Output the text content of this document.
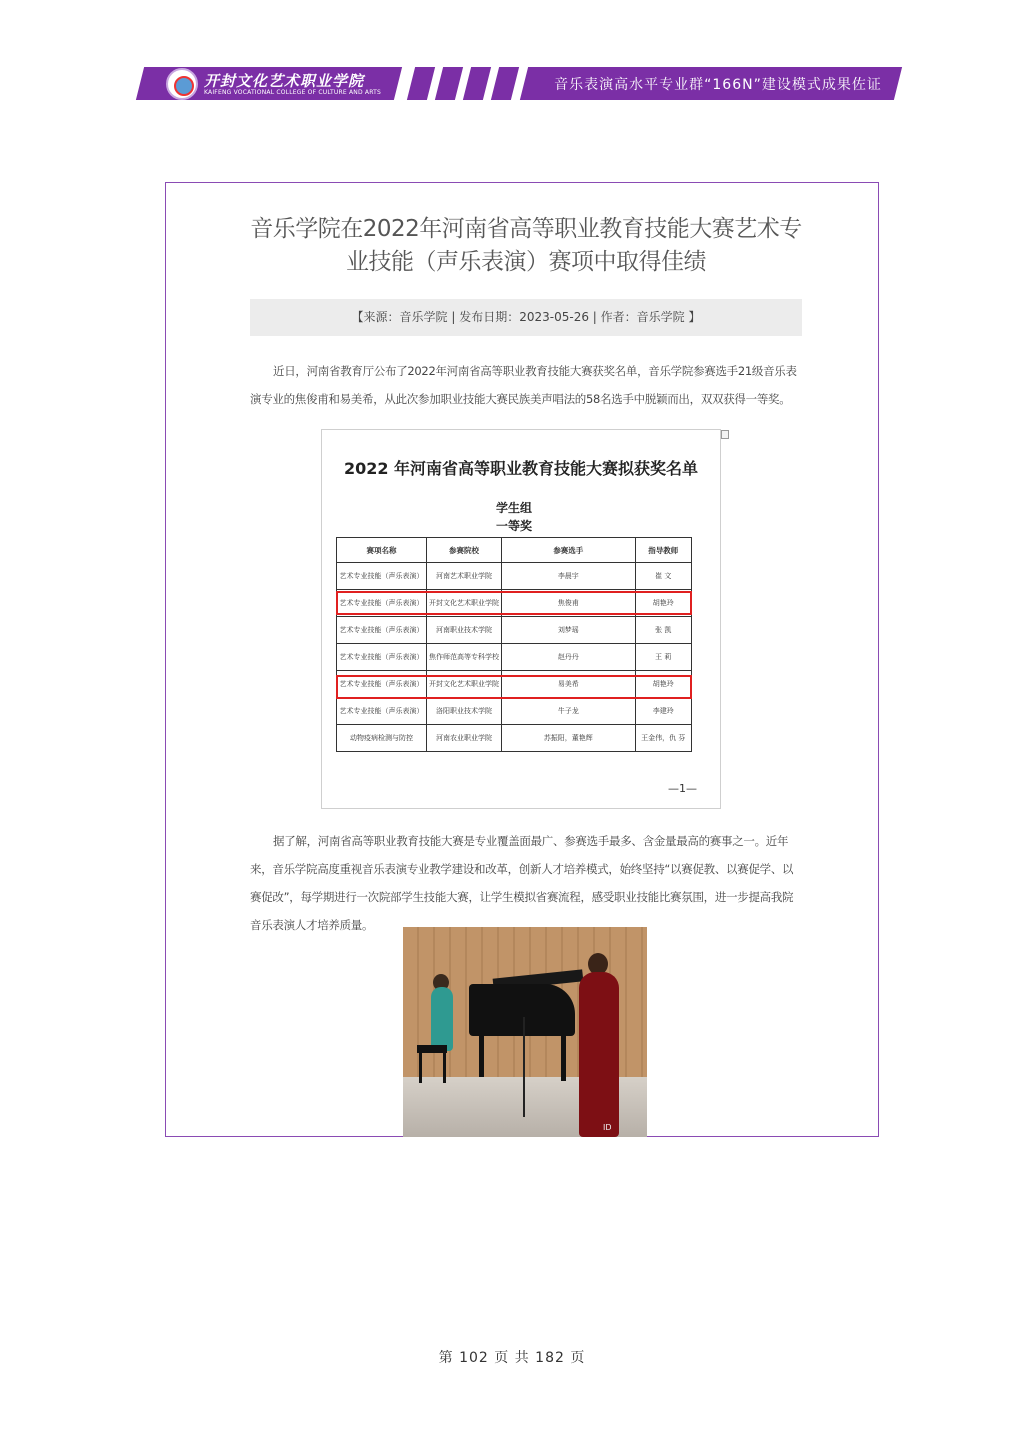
开封文化艺术职业学院
KAIFENG VOCATIONAL COLLEGE OF CULTURE AND ARTS	音乐表演高水平专业群“166N”建设模式成果佐证
音乐学院在2022年河南省高等职业教育技能大赛艺术专业技能（声乐表演）赛项中取得佳绩
【来源：音乐学院 | 发布日期：2023-05-26 | 作者：音乐学院 】
近日，河南省教育厅公布了2022年河南省高等职业教育技能大赛获奖名单，音乐学院参赛选手21级音乐表演专业的焦俊甫和易美希，从此次参加职业技能大赛民族美声唱法的58名选手中脱颖而出，双双获得一等奖。
2022 年河南省高等职业教育技能大赛拟获奖名单
学生组
一等奖
赛项名称	参赛院校	参赛选手	指导教师
艺术专业技能（声乐表演）	河南艺术职业学院	李晨宇	崔 文
艺术专业技能（声乐表演）	开封文化艺术职业学院	焦俊甫	胡艳玲
艺术专业技能（声乐表演）	河南职业技术学院	刘梦瑶	张 凯
艺术专业技能（声乐表演）	焦作师范高等专科学校	赵丹丹	王 莉
艺术专业技能（声乐表演）	开封文化艺术职业学院	易美希	胡艳玲
艺术专业技能（声乐表演）	洛阳职业技术学院	牛子龙	李建玲
动物疫病检测与防控	河南农业职业学院	苏振阳，董艳辉	王金伟，仇 芬
—1—
据了解，河南省高等职业教育技能大赛是专业覆盖面最广、参赛选手最多、含金量最高的赛事之一。近年来，音乐学院高度重视音乐表演专业教学建设和改革，创新人才培养模式，始终坚持“以赛促教、以赛促学、以赛促改”，每学期进行一次院部学生技能大赛，让学生模拟省赛流程，感受职业技能比赛氛围，进一步提高我院音乐表演人才培养质量。
ID
第 102 页 共 182 页
